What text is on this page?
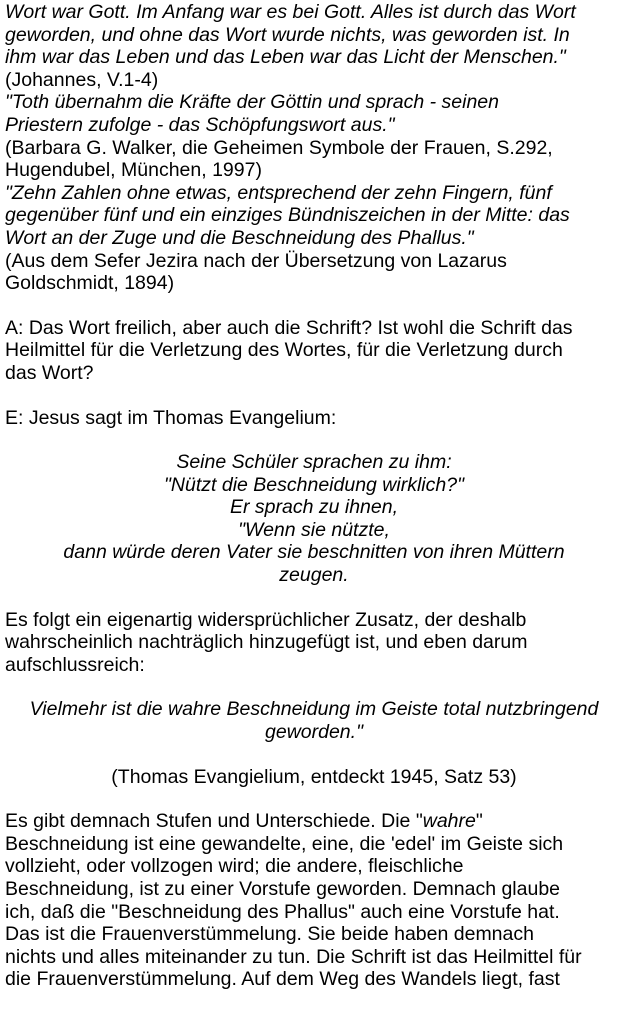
Wort war Gott. Im Anfang war es bei Gott. Alles ist durch das Wort

geworden, und ohne das Wort wurde nichts, was geworden ist. In

ihm war das Leben und das Leben war das Licht der Menschen."

(Johannes, V.1-4)

"Toth übernahm die Kräfte der Göttin und sprach - seinen

Priestern zufolge - das Schöpfungswort aus."

(Barbara G. Walker, die Geheimen Symbole der Frauen, S.292,

Hugendubel, München, 1997)

"Zehn Zahlen ohne etwas, entsprechend der zehn Fingern, fünf

gegenüber fünf und ein einziges Bündniszeichen in der Mitte: das

Wort an der Zuge und die Beschneidung des Phallus."

(Aus dem Sefer Jezira nach der Übersetzung von Lazarus

Goldschmidt, 1894)

A: Das Wort freilich, aber auch die Schrift? Ist wohl die Schrift das

Heilmittel für die Verletzung des Wortes, für die Verletzung durch

das Wort?

E: Jesus sagt im Thomas Evangelium:

Seine Schüler sprachen zu ihm:
"Nützt die Beschneidung wirklich?"
Er sprach zu ihnen,
"Wenn sie nützte,
dann würde deren Vater sie beschnitten von ihren Müttern
zeugen.

Es folgt ein eigenartig widersprüchlicher Zusatz, der deshalb

wahrscheinlich nachträglich hinzugefügt ist, und eben darum

aufschlussreich:

Vielmehr ist die wahre Beschneidung im Geiste total nutzbringend

geworden."

(Thomas Evangielium, entdeckt 1945, Satz 53)

Es gibt demnach Stufen und Unterschiede. Die "wahre"

Beschneidung ist eine gewandelte, eine, die 'edel' im Geiste sich

vollzieht, oder vollzogen wird; die andere, fleischliche

Beschneidung, ist zu einer Vorstufe geworden. Demnach glaube

ich, daß die "Beschneidung des Phallus" auch eine Vorstufe hat.

Das ist die Frauenverstümmelung. Sie beide haben demnach

nichts und alles miteinander zu tun. Die Schrift ist das Heilmittel für

die Frauenverstümmelung. Auf dem Weg des Wandels liegt, fast
